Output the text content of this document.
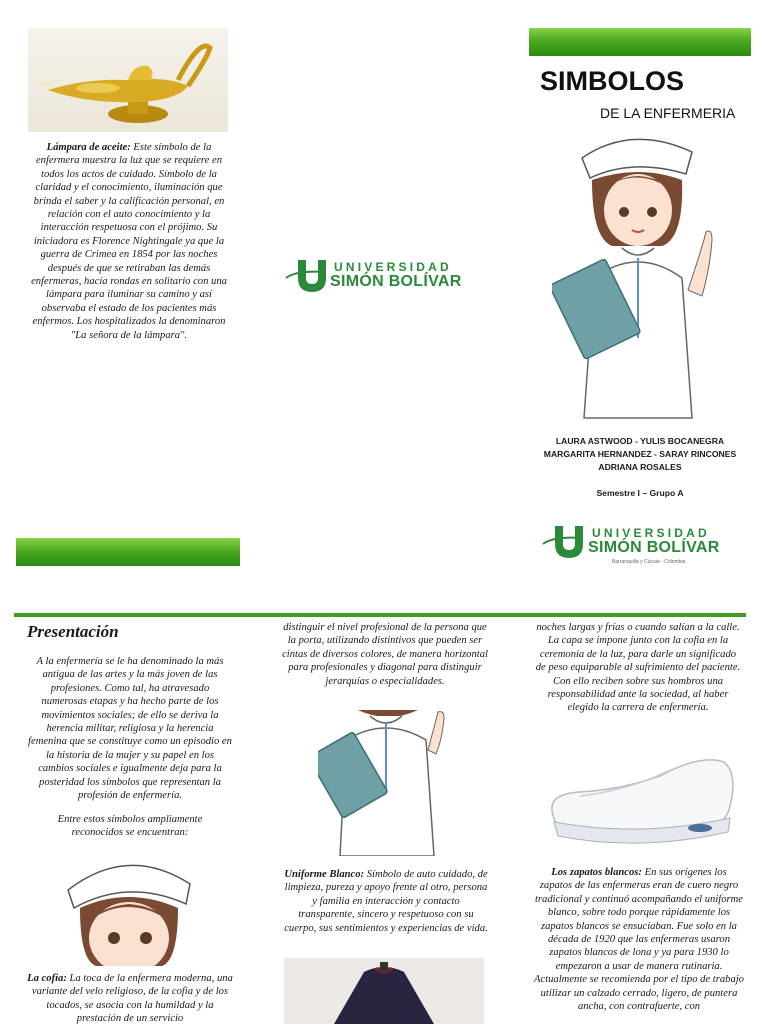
Lámpara de aceite: Este símbolo de la enfermera muestra la luz que se requiere en todos los actos de cuidado. Símbolo de la claridad y el conocimiento, iluminación que brinda el saber y la calificación personal, en relación con el auto conocimiento y la interacción respetuosa con el prójimo. Su iniciadora es Florence Nightingale ya que la guerra de Crimea en 1854 por las noches después de que se retiraban las demás enfermeras, hacía rondas en solitario con una lámpara para iluminar su camino y así observaba el estado de los pacientes más enfermos. Los hospitalizados la denominaron "La señora de la lámpara".
UNIVERSIDAD
SIMÓN BOLÍVAR
SIMBOLOS
DE LA ENFERMERIA
LAURA ASTWOOD - YULIS BOCANEGRA
MARGARITA HERNANDEZ - SARAY RINCONES
ADRIANA ROSALES
Semestre I – Grupo A
UNIVERSIDAD
SIMÓN BOLÍVAR
Barranquilla y Cúcuta - Colombia
Presentación
A la enfermería se le ha denominado la más antigua de las artes y la más joven de las profesiones. Como tal, ha atravesado numerosas etapas y ha hecho parte de los movimientos sociales; de ello se deriva la herencia militar, religiosa y la herencia femenina que se constituye como un episodio en la historia de la mujer y su papel en los cambios sociales e igualmente deja para la posteridad los símbolos que representan la profesión de enfermería.
Entre estos símbolos ampliamente reconocidos se encuentran:
La cofia: La toca de la enfermera moderna, una variante del velo religioso, de la cofia y de los tocados, se asocia con la humildad y la prestación de un servicio
distinguir el nivel profesional de la persona que la porta, utilizando distintivos que pueden ser cintas de diversos colores, de manera horizontal para profesionales y diagonal para distinguir jerarquías o especialidades.
Uniforme Blanco: Símbolo de auto cuidado, de limpieza, pureza y apoyo frente al otro, persona y familia en interacción y contacto transparente, sincero y respetuoso con su cuerpo, sus sentimientos y experiencias de vida.
noches largas y frías o cuando salían a la calle. La capa se impone junto con la cofia en la ceremonia de la luz, para darle un significado de peso equiparable al sufrimiento del paciente. Con ello reciben sobre sus hombros una responsabilidad ante la sociedad, al haber elegido la carrera de enfermería.
Los zapatos blancos: En sus orígenes los zapatos de las enfermeras eran de cuero negro tradicional y continuó acompañando el uniforme blanco, sobre todo porque rápidamente los zapatos blancos se ensuciaban. Fue solo en la década de 1920 que las enfermeras usaron zapatos blancos de lona y ya para 1930 lo empezaron a usar de manera rutinaria. Actualmente se recomienda por el tipo de trabajo utilizar un calzado cerrado, ligero, de puntera ancha, con contrafuerte, con
